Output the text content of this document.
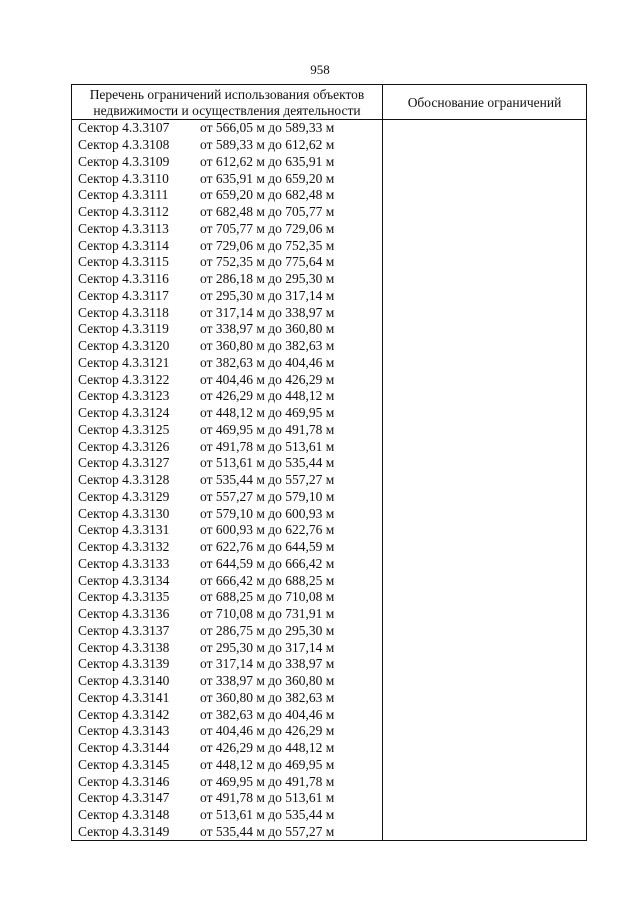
958
Перечень ограничений использования объектов недвижимости и осуществления деятельности	Обоснование ограничений
Сектор 4.3.3107 от 566,05 м до 589,33 м	
Сектор 4.3.3108 от 589,33 м до 612,62 м	
Сектор 4.3.3109 от 612,62 м до 635,91 м	
Сектор 4.3.3110 от 635,91 м до 659,20 м	
Сектор 4.3.3111 от 659,20 м до 682,48 м	
Сектор 4.3.3112 от 682,48 м до 705,77 м	
Сектор 4.3.3113 от 705,77 м до 729,06 м	
Сектор 4.3.3114 от 729,06 м до 752,35 м	
Сектор 4.3.3115 от 752,35 м до 775,64 м	
Сектор 4.3.3116 от 286,18 м до 295,30 м	
Сектор 4.3.3117 от 295,30 м до 317,14 м	
Сектор 4.3.3118 от 317,14 м до 338,97 м	
Сектор 4.3.3119 от 338,97 м до 360,80 м	
Сектор 4.3.3120 от 360,80 м до 382,63 м	
Сектор 4.3.3121 от 382,63 м до 404,46 м	
Сектор 4.3.3122 от 404,46 м до 426,29 м	
Сектор 4.3.3123 от 426,29 м до 448,12 м	
Сектор 4.3.3124 от 448,12 м до 469,95 м	
Сектор 4.3.3125 от 469,95 м до 491,78 м	
Сектор 4.3.3126 от 491,78 м до 513,61 м	
Сектор 4.3.3127 от 513,61 м до 535,44 м	
Сектор 4.3.3128 от 535,44 м до 557,27 м	
Сектор 4.3.3129 от 557,27 м до 579,10 м	
Сектор 4.3.3130 от 579,10 м до 600,93 м	
Сектор 4.3.3131 от 600,93 м до 622,76 м	
Сектор 4.3.3132 от 622,76 м до 644,59 м	
Сектор 4.3.3133 от 644,59 м до 666,42 м	
Сектор 4.3.3134 от 666,42 м до 688,25 м	
Сектор 4.3.3135 от 688,25 м до 710,08 м	
Сектор 4.3.3136 от 710,08 м до 731,91 м	
Сектор 4.3.3137 от 286,75 м до 295,30 м	
Сектор 4.3.3138 от 295,30 м до 317,14 м	
Сектор 4.3.3139 от 317,14 м до 338,97 м	
Сектор 4.3.3140 от 338,97 м до 360,80 м	
Сектор 4.3.3141 от 360,80 м до 382,63 м	
Сектор 4.3.3142 от 382,63 м до 404,46 м	
Сектор 4.3.3143 от 404,46 м до 426,29 м	
Сектор 4.3.3144 от 426,29 м до 448,12 м	
Сектор 4.3.3145 от 448,12 м до 469,95 м	
Сектор 4.3.3146 от 469,95 м до 491,78 м	
Сектор 4.3.3147 от 491,78 м до 513,61 м	
Сектор 4.3.3148 от 513,61 м до 535,44 м	
Сектор 4.3.3149 от 535,44 м до 557,27 м	
